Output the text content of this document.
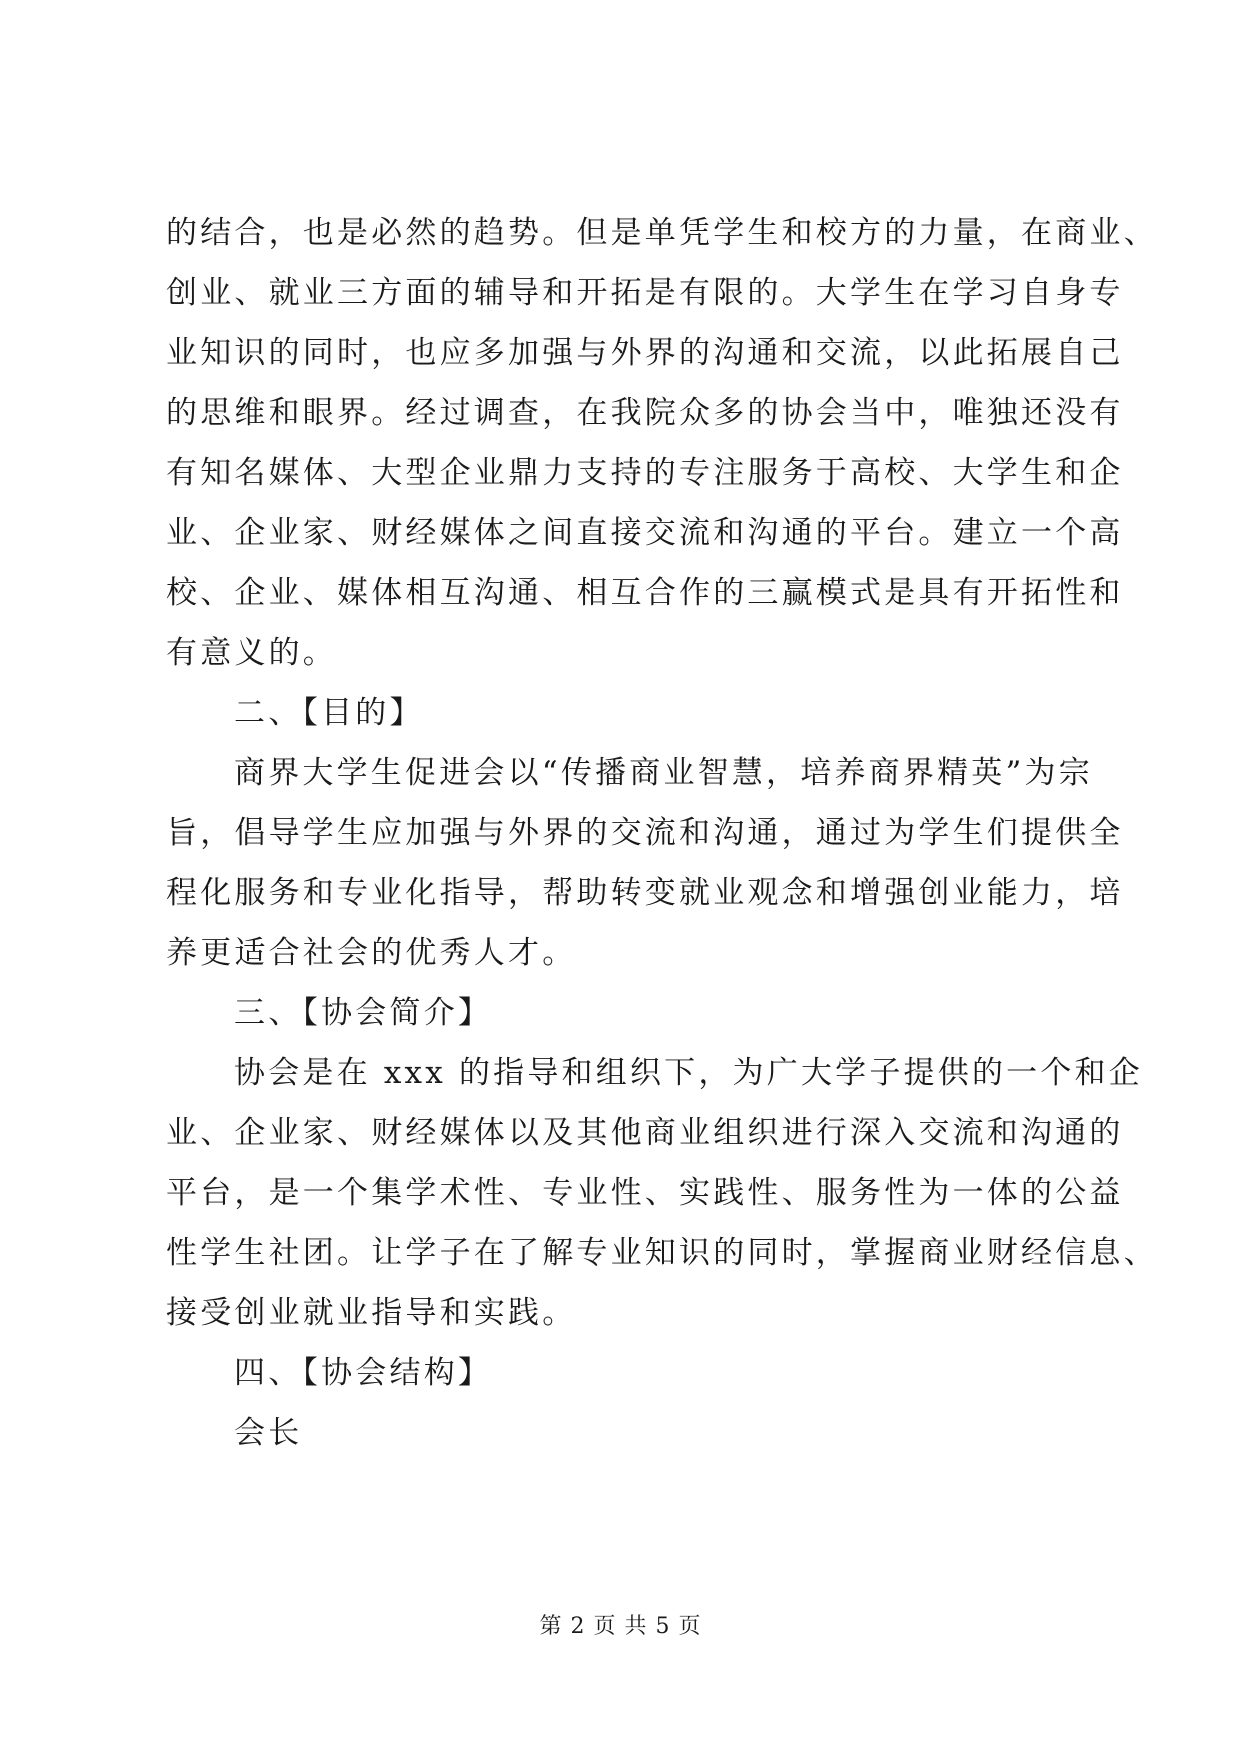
的结合，也是必然的趋势。但是单凭学生和校方的力量，在商业、
创业、就业三方面的辅导和开拓是有限的。大学生在学习自身专
业知识的同时，也应多加强与外界的沟通和交流，以此拓展自己
的思维和眼界。经过调查，在我院众多的协会当中，唯独还没有
有知名媒体、大型企业鼎力支持的专注服务于高校、大学生和企
业、企业家、财经媒体之间直接交流和沟通的平台。建立一个高
校、企业、媒体相互沟通、相互合作的三赢模式是具有开拓性和
有意义的。
二、【目的】
商界大学生促进会以“传播商业智慧，培养商界精英”为宗
旨，倡导学生应加强与外界的交流和沟通，通过为学生们提供全
程化服务和专业化指导，帮助转变就业观念和增强创业能力，培
养更适合社会的优秀人才。
三、【协会简介】
协会是在 xxx 的指导和组织下，为广大学子提供的一个和企
业、企业家、财经媒体以及其他商业组织进行深入交流和沟通的
平台，是一个集学术性、专业性、实践性、服务性为一体的公益
性学生社团。让学子在了解专业知识的同时，掌握商业财经信息、
接受创业就业指导和实践。
四、【协会结构】
会长
第 2 页 共 5 页
